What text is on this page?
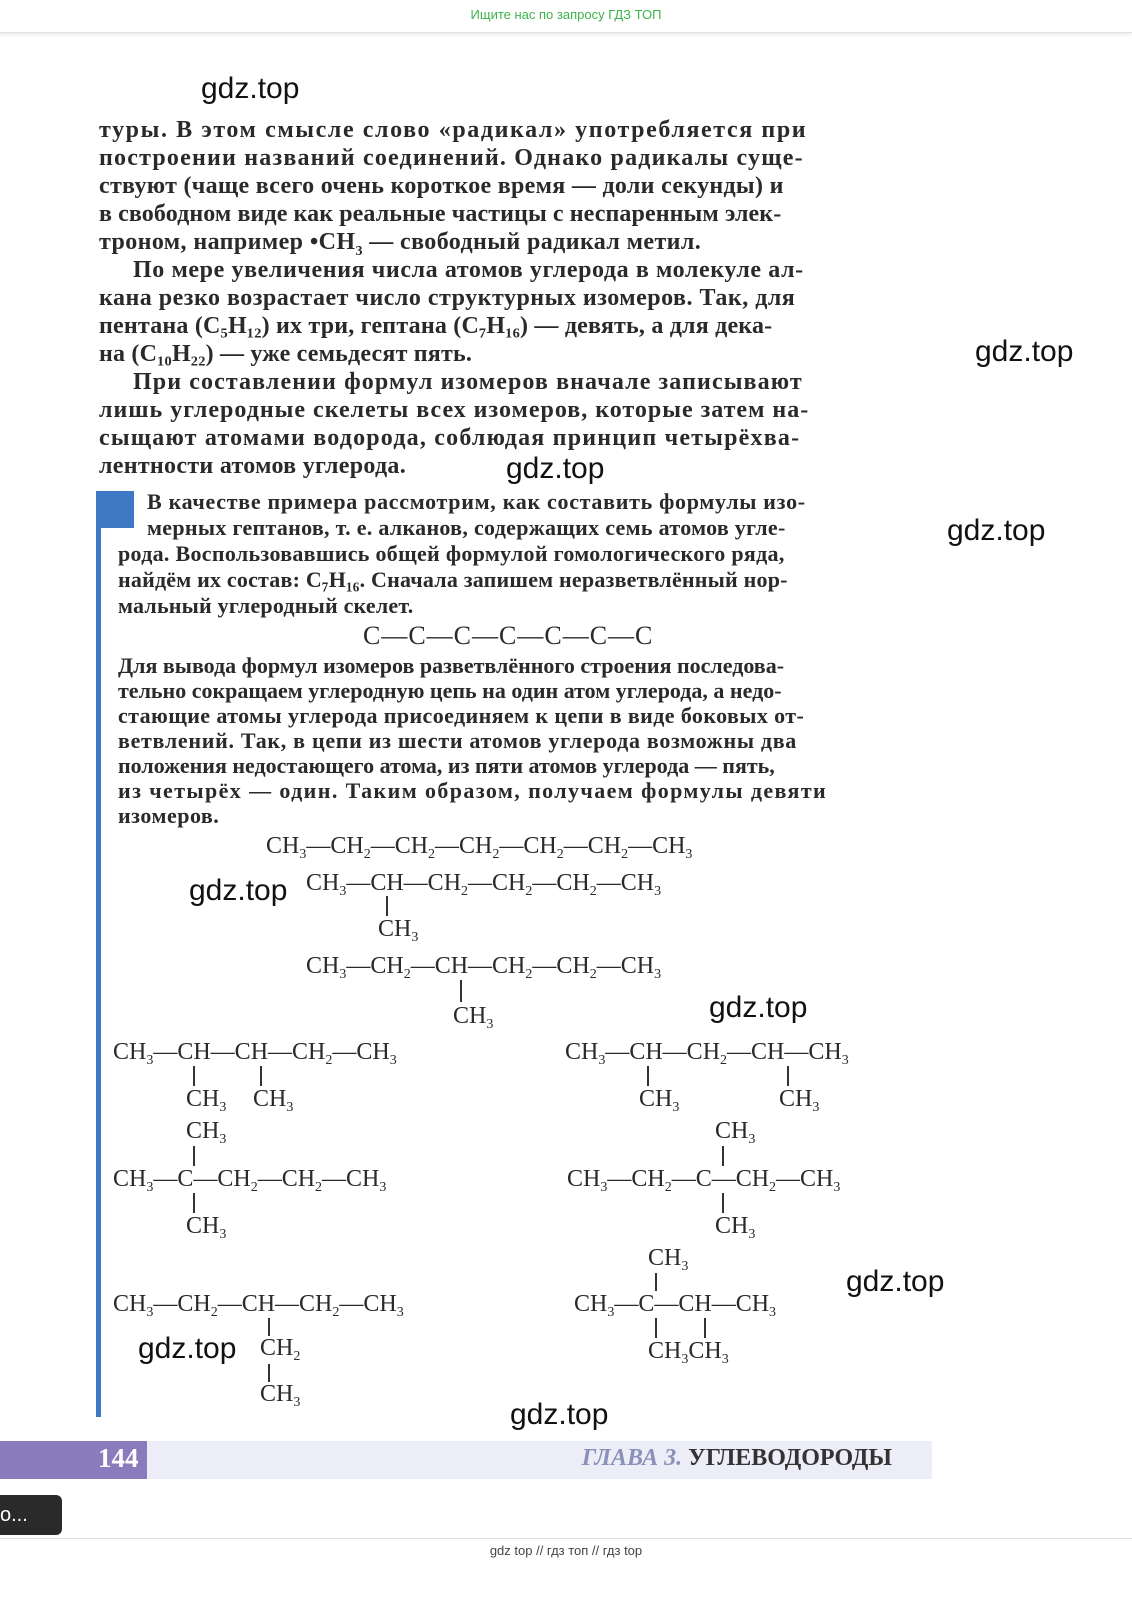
Ищите нас по запросу ГДЗ ТОП
gdz.top
gdz.top
gdz.top
gdz.top
gdz.top
gdz.top
gdz.top
gdz.top
gdz.top
туры. В этом смысле слово «радикал» употребляется при
построении названий соединений. Однако радикалы суще-
ствуют (чаще всего очень короткое время — доли секунды) и
в свободном виде как реальные частицы с неспаренным элек-
троном, например $•CH_3$ — свободный радикал метил.
По мере увеличения числа атомов углерода в молекуле ал-
кана резко возрастает число структурных изомеров. Так, для
пентана (C₅H₁₂) их три, гептана (C₇H₁₆) — девять, а для дека-
на (C₁₀H₂₂) — уже семьдесят пять.
При составлении формул изомеров вначале записывают
лишь углеродные скелеты всех изомеров, которые затем на-
сыщают атомами водорода, соблюдая принцип четырёхва-
лентности атомов углерода.
В качестве примера рассмотрим, как составить формулы изо-
мерных гептанов, т. е. алканов, содержащих семь атомов угле-
рода. Воспользовавшись общей формулой гомологического ряда,
найдём их состав: C₇H₁₆. Сначала запишем неразветвлённый нор-
мальный углеродный скелет.
C—C—C—C—C—C—C
Для вывода формул изомеров разветвлённого строения последова-
тельно сокращаем углеродную цепь на один атом углерода, а недо-
стающие атомы углерода присоединяем к цепи в виде боковых от-
ветвлений. Так, в цепи из шести атомов углерода возможны два
положения недостающего атома, из пяти атомов углерода — пять,
из четырёх — один. Таким образом, получаем формулы девяти
изомеров.
$CH_3—CH_2—CH_2—CH_2—CH_2—CH_2—CH_3$
$CH_3—CH—CH_2—CH_2—CH_2—CH_3$
$CH_3$
$CH_3—CH_2—CH—CH_2—CH_2—CH_3$
$CH_3$
$CH_3—CH—CH—CH_2—CH_3$
$CH_3$ $CH_3$
$CH_3—CH—CH_2—CH—CH_3$
$CH_3$	$CH_3$
$CH_3$
$CH_3—C—CH_2—CH_2—CH_3$
$CH_3$
$CH_3$
$CH_3—CH_2—C—CH_2—CH_3$
$CH_3$
$CH_3—CH_2—CH—CH_2—CH_3$
$CH_2$
$CH_3$
$CH_3$
$CH_3—C—CH—CH_3$
$CH_3CH_3$
144	ГЛАВА 3. УГЛЕВОДОРОДЫ
о...
gdz top // гдз топ // гдз top
